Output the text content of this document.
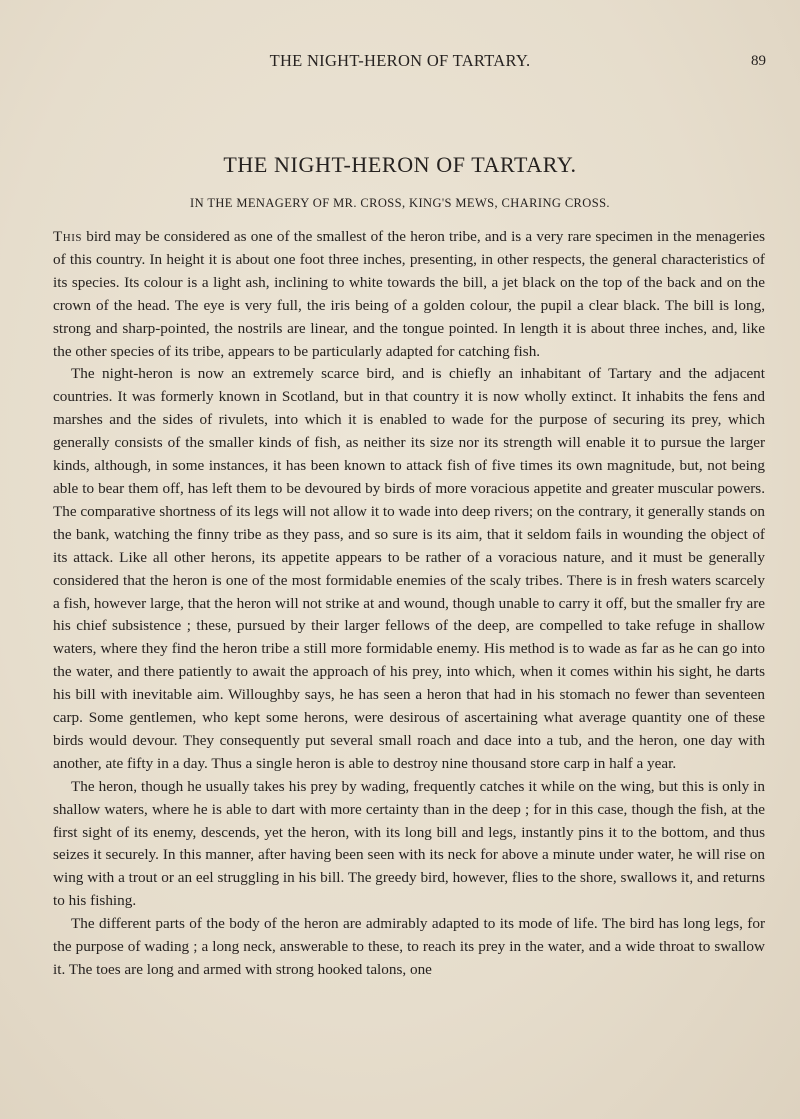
THE NIGHT-HERON OF TARTARY.	89
THE NIGHT-HERON OF TARTARY.
IN THE MENAGERY OF MR. CROSS, KING'S MEWS, CHARING CROSS.

This bird may be considered as one of the smallest of the heron tribe, and is a very rare specimen in the menageries of this country. In height it is about one foot three inches, presenting, in other respects, the general characteristics of its species. Its colour is a light ash, inclining to white towards the bill, a jet black on the top of the back and on the crown of the head. The eye is very full, the iris being of a golden colour, the pupil a clear black. The bill is long, strong and sharp-pointed, the nostrils are linear, and the tongue pointed. In length it is about three inches, and, like the other species of its tribe, appears to be particularly adapted for catching fish.

The night-heron is now an extremely scarce bird, and is chiefly an inhabitant of Tartary and the adjacent countries. It was formerly known in Scotland, but in that country it is now wholly extinct. It inhabits the fens and marshes and the sides of rivulets, into which it is enabled to wade for the purpose of securing its prey, which generally consists of the smaller kinds of fish, as neither its size nor its strength will enable it to pursue the larger kinds, although, in some instances, it has been known to attack fish of five times its own magnitude, but, not being able to bear them off, has left them to be devoured by birds of more voracious appetite and greater muscular powers. The comparative shortness of its legs will not allow it to wade into deep rivers; on the contrary, it generally stands on the bank, watching the finny tribe as they pass, and so sure is its aim, that it seldom fails in wounding the object of its attack. Like all other herons, its appetite appears to be rather of a voracious nature, and it must be generally considered that the heron is one of the most formidable enemies of the scaly tribes. There is in fresh waters scarcely a fish, however large, that the heron will not strike at and wound, though unable to carry it off, but the smaller fry are his chief subsistence ; these, pursued by their larger fellows of the deep, are compelled to take refuge in shallow waters, where they find the heron tribe a still more formidable enemy. His method is to wade as far as he can go into the water, and there patiently to await the approach of his prey, into which, when it comes within his sight, he darts his bill with inevitable aim. Willoughby says, he has seen a heron that had in his stomach no fewer than seventeen carp. Some gentlemen, who kept some herons, were desirous of ascertaining what average quantity one of these birds would devour. They consequently put several small roach and dace into a tub, and the heron, one day with another, ate fifty in a day. Thus a single heron is able to destroy nine thousand store carp in half a year.

The heron, though he usually takes his prey by wading, frequently catches it while on the wing, but this is only in shallow waters, where he is able to dart with more certainty than in the deep ; for in this case, though the fish, at the first sight of its enemy, descends, yet the heron, with its long bill and legs, instantly pins it to the bottom, and thus seizes it securely. In this manner, after having been seen with its neck for above a minute under water, he will rise on wing with a trout or an eel struggling in his bill. The greedy bird, however, flies to the shore, swallows it, and returns to his fishing.

The different parts of the body of the heron are admirably adapted to its mode of life. The bird has long legs, for the purpose of wading ; a long neck, answerable to these, to reach its prey in the water, and a wide throat to swallow it. The toes are long and armed with strong hooked talons, one
